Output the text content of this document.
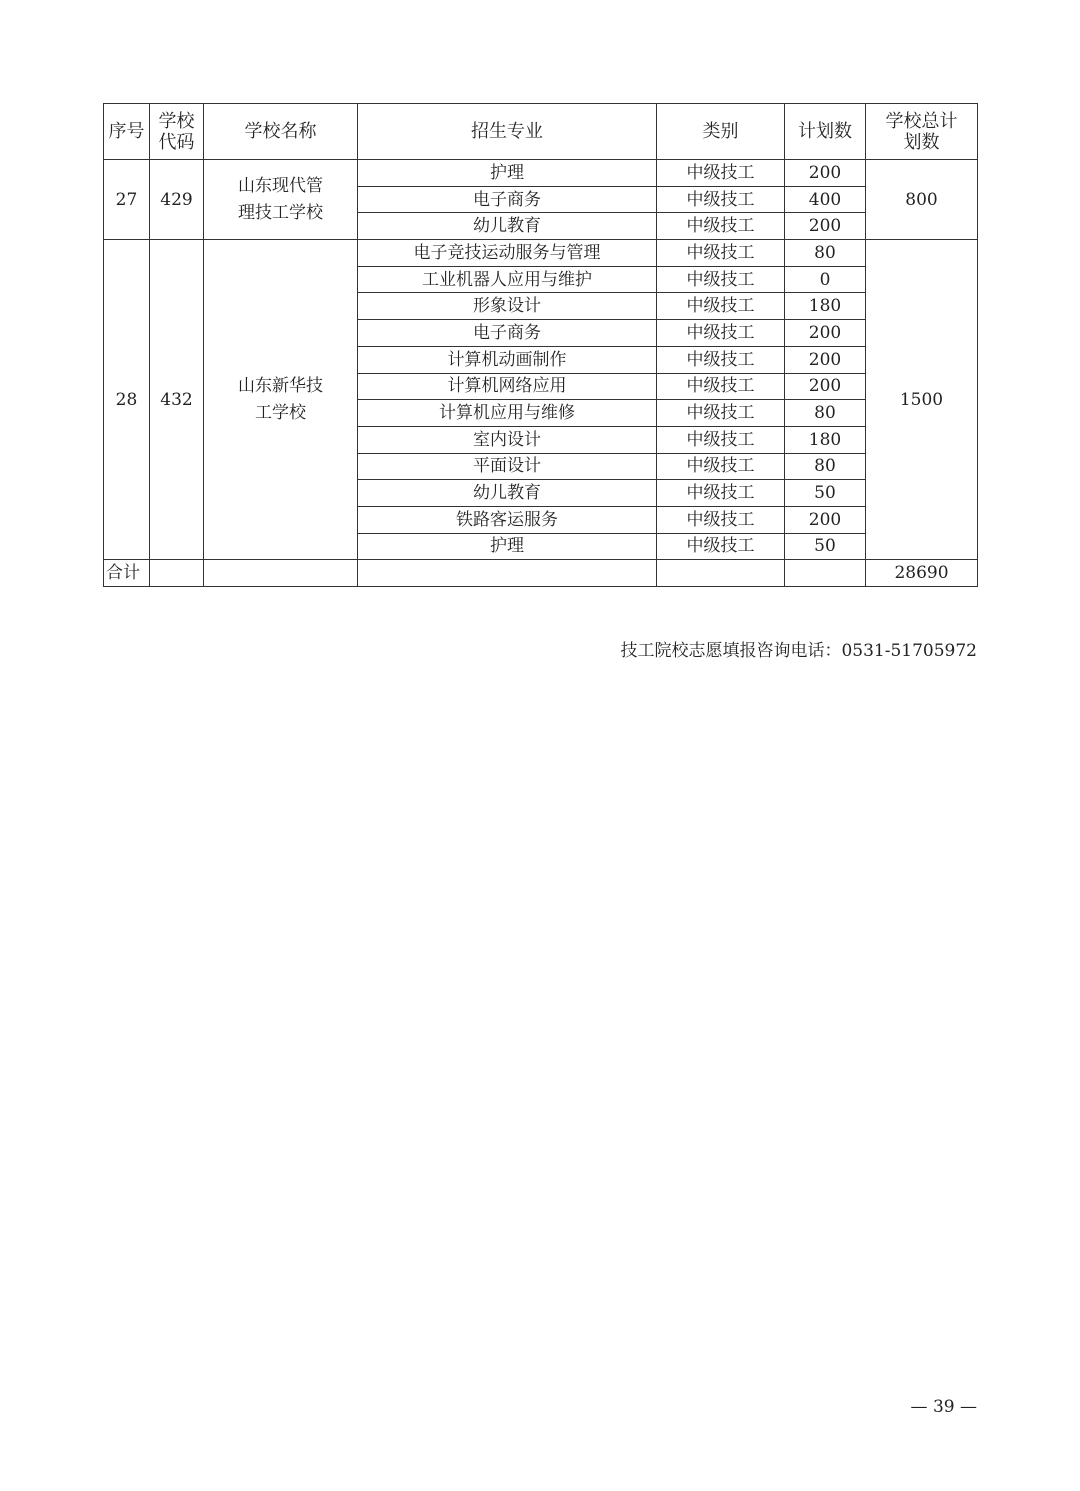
序号	学校代码	学校名称	招生专业	类别	计划数	学校总计划数
27	429	山东现代管理技工学校	护理	中级技工	200	800
			电子商务	中级技工	400	
			幼儿教育	中级技工	200	
28	432	山东新华技工学校	电子竞技运动服务与管理	中级技工	80	1500
			工业机器人应用与维护	中级技工	0	
			形象设计	中级技工	180	
			电子商务	中级技工	200	
			计算机动画制作	中级技工	200	
			计算机网络应用	中级技工	200	
			计算机应用与维修	中级技工	80	
			室内设计	中级技工	180	
			平面设计	中级技工	80	
			幼儿教育	中级技工	50	
			铁路客运服务	中级技工	200	
			护理	中级技工	50	
合计						28690
技工院校志愿填报咨询电话：0531-51705972
— 39 —
